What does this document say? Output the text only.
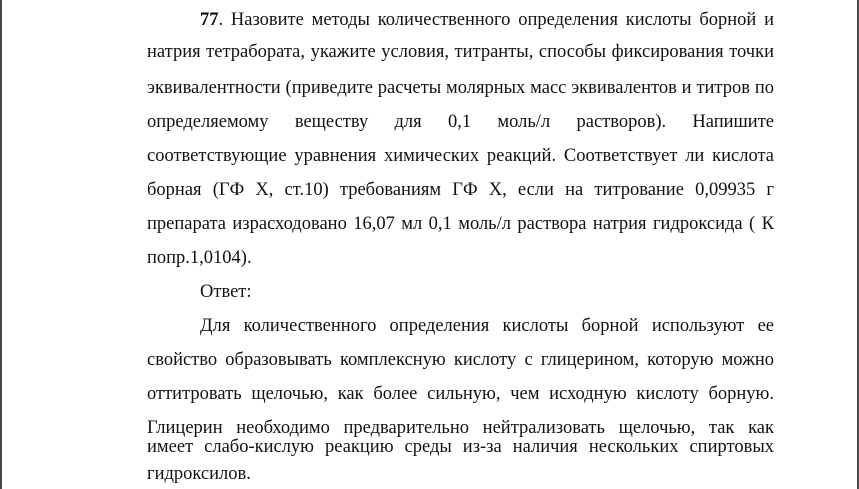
77. Назовите методы количественного определения кислоты борной и
натрия тетрабората, укажите условия, титранты, способы фиксирования точки
эквивалентности (приведите расчеты молярных масс эквивалентов и титров по
определяемому веществу для 0,1 моль/л растворов). Напишите
соответствующие уравнения химических реакций. Соответствует ли кислота
борная (ГФ Х, ст.10) требованиям ГФ Х, если на титрование 0,09935 г
препарата израсходовано 16,07 мл 0,1 моль/л раствора натрия гидроксида ( К
попр.1,0104).
Ответ:
Для количественного определения кислоты борной используют ее
свойство образовывать комплексную кислоту с глицерином, которую можно
оттитровать щелочью, как более сильную, чем исходную кислоту борную.
Глицерин необходимо предварительно нейтрализовать щелочью, так как
имеет слабо-кислую реакцию среды из-за наличия нескольких спиртовых
гидроксилов.
